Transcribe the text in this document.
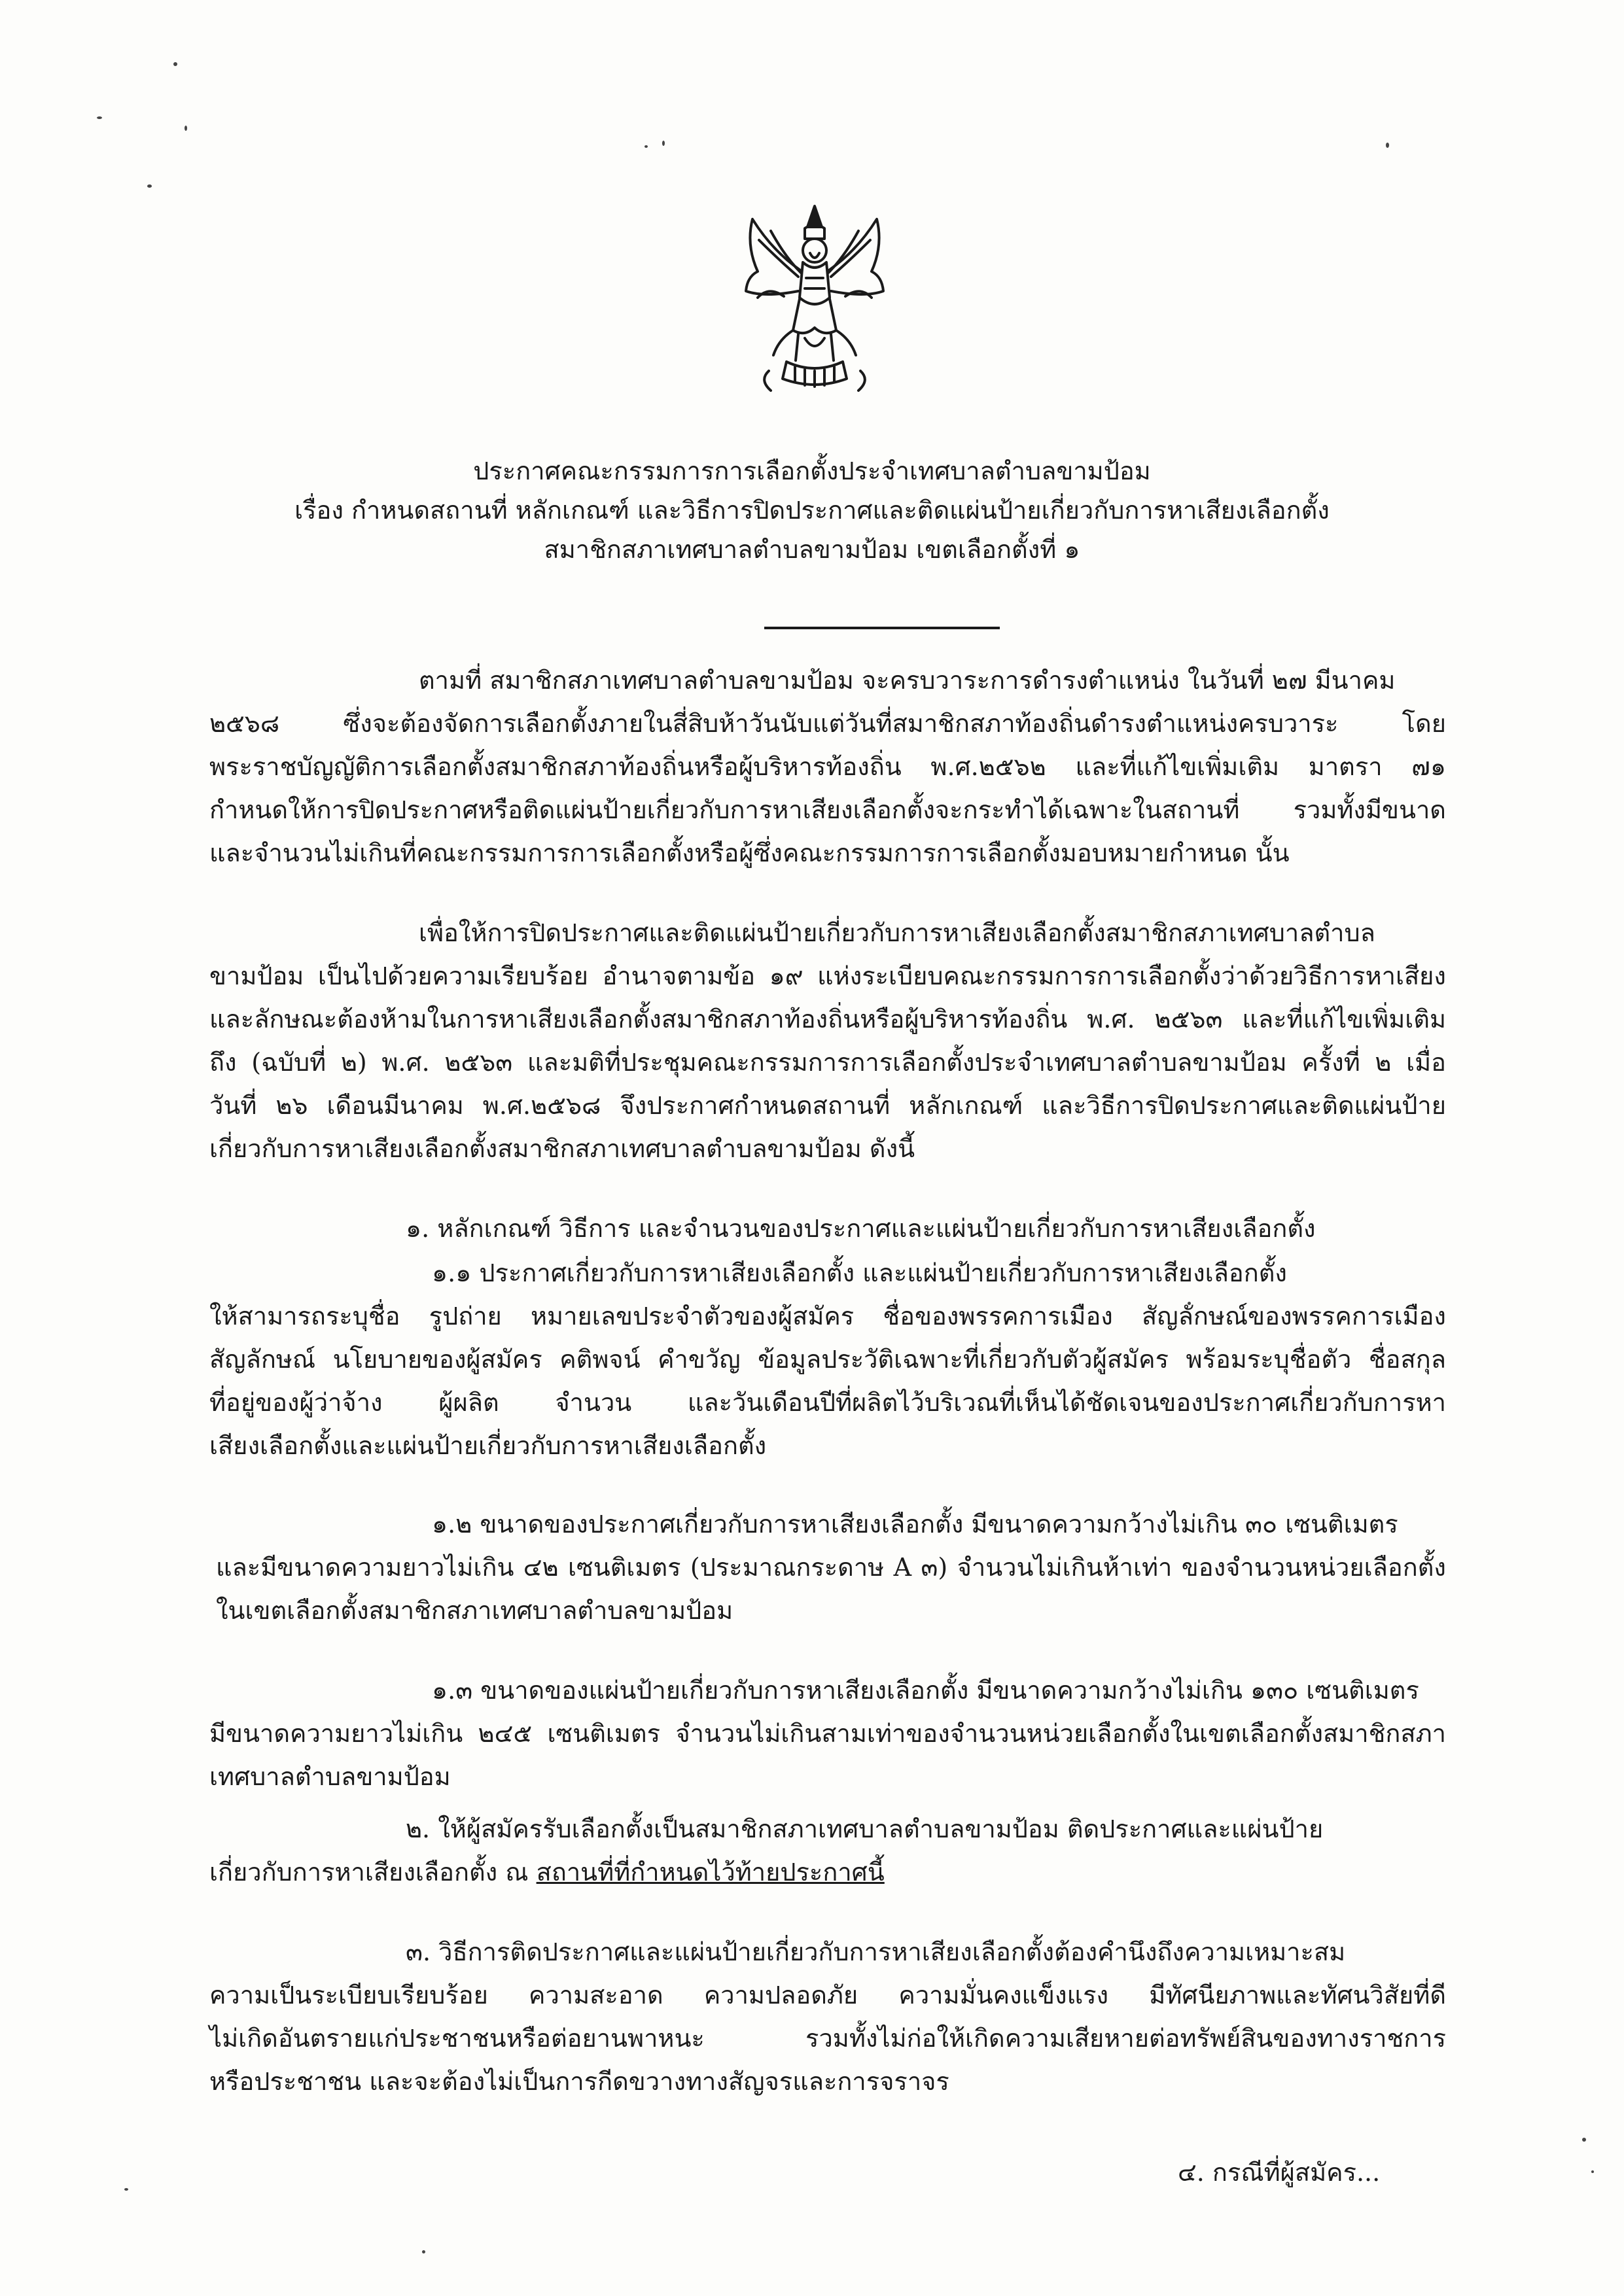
ประกาศคณะกรรมการการเลือกตั้งประจำเทศบาลตำบลขามป้อม

เรื่อง กำหนดสถานที่ หลักเกณฑ์ และวิธีการปิดประกาศและติดแผ่นป้ายเกี่ยวกับการหาเสียงเลือกตั้ง

สมาชิกสภาเทศบาลตำบลขามป้อม เขตเลือกตั้งที่ ๑

ตามที่ สมาชิกสภาเทศบาลตำบลขามป้อม จะครบวาระการดำรงตำแหน่ง ในวันที่ ๒๗ มีนาคม
๒๕๖๘ ซึ่งจะต้องจัดการเลือกตั้งภายในสี่สิบห้าวันนับแต่วันที่สมาชิกสภาท้องถิ่นดำรงตำแหน่งครบวาระ โดย
พระราชบัญญัติการเลือกตั้งสมาชิกสภาท้องถิ่นหรือผู้บริหารท้องถิ่น พ.ศ.๒๕๖๒ และที่แก้ไขเพิ่มเติม มาตรา ๗๑
กำหนดให้การปิดประกาศหรือติดแผ่นป้ายเกี่ยวกับการหาเสียงเลือกตั้งจะกระทำได้เฉพาะในสถานที่ รวมทั้งมีขนาด
และจำนวนไม่เกินที่คณะกรรมการการเลือกตั้งหรือผู้ซึ่งคณะกรรมการการเลือกตั้งมอบหมายกำหนด นั้น
เพื่อให้การปิดประกาศและติดแผ่นป้ายเกี่ยวกับการหาเสียงเลือกตั้งสมาชิกสภาเทศบาลตำบล
ขามป้อม เป็นไปด้วยความเรียบร้อย อำนาจตามข้อ ๑๙ แห่งระเบียบคณะกรรมการการเลือกตั้งว่าด้วยวิธีการหาเสียง
และลักษณะต้องห้ามในการหาเสียงเลือกตั้งสมาชิกสภาท้องถิ่นหรือผู้บริหารท้องถิ่น พ.ศ. ๒๕๖๓ และที่แก้ไขเพิ่มเติม
ถึง (ฉบับที่ ๒) พ.ศ. ๒๕๖๓ และมติที่ประชุมคณะกรรมการการเลือกตั้งประจำเทศบาลตำบลขามป้อม ครั้งที่ ๒ เมื่อ
วันที่ ๒๖ เดือนมีนาคม พ.ศ.๒๕๖๘ จึงประกาศกำหนดสถานที่ หลักเกณฑ์ และวิธีการปิดประกาศและติดแผ่นป้าย
เกี่ยวกับการหาเสียงเลือกตั้งสมาชิกสภาเทศบาลตำบลขามป้อม ดังนี้
๑. หลักเกณฑ์ วิธีการ และจำนวนของประกาศและแผ่นป้ายเกี่ยวกับการหาเสียงเลือกตั้ง
๑.๑ ประกาศเกี่ยวกับการหาเสียงเลือกตั้ง และแผ่นป้ายเกี่ยวกับการหาเสียงเลือกตั้ง
ให้สามารถระบุชื่อ รูปถ่าย หมายเลขประจำตัวของผู้สมัคร ชื่อของพรรคการเมือง สัญลักษณ์ของพรรคการเมือง
สัญลักษณ์ นโยบายของผู้สมัคร คติพจน์ คำขวัญ ข้อมูลประวัติเฉพาะที่เกี่ยวกับตัวผู้สมัคร พร้อมระบุชื่อตัว ชื่อสกุล
ที่อยู่ของผู้ว่าจ้าง ผู้ผลิต จำนวน และวันเดือนปีที่ผลิตไว้บริเวณที่เห็นได้ชัดเจนของประกาศเกี่ยวกับการหา
เสียงเลือกตั้งและแผ่นป้ายเกี่ยวกับการหาเสียงเลือกตั้ง
๑.๒ ขนาดของประกาศเกี่ยวกับการหาเสียงเลือกตั้ง มีขนาดความกว้างไม่เกิน ๓๐ เซนติเมตร
และมีขนาดความยาวไม่เกิน ๔๒ เซนติเมตร (ประมาณกระดาษ A ๓) จำนวนไม่เกินห้าเท่า ของจำนวนหน่วยเลือกตั้ง
ในเขตเลือกตั้งสมาชิกสภาเทศบาลตำบลขามป้อม
๑.๓ ขนาดของแผ่นป้ายเกี่ยวกับการหาเสียงเลือกตั้ง มีขนาดความกว้างไม่เกิน ๑๓๐ เซนติเมตร
มีขนาดความยาวไม่เกิน ๒๔๕ เซนติเมตร จำนวนไม่เกินสามเท่าของจำนวนหน่วยเลือกตั้งในเขตเลือกตั้งสมาชิกสภา
เทศบาลตำบลขามป้อม
๒. ให้ผู้สมัครรับเลือกตั้งเป็นสมาชิกสภาเทศบาลตำบลขามป้อม ติดประกาศและแผ่นป้าย
เกี่ยวกับการหาเสียงเลือกตั้ง ณ สถานที่ที่กำหนดไว้ท้ายประกาศนี้
๓. วิธีการติดประกาศและแผ่นป้ายเกี่ยวกับการหาเสียงเลือกตั้งต้องคำนึงถึงความเหมาะสม
ความเป็นระเบียบเรียบร้อย ความสะอาด ความปลอดภัย ความมั่นคงแข็งแรง มีทัศนียภาพและทัศนวิสัยที่ดี
ไม่เกิดอันตรายแก่ประชาชนหรือต่อยานพาหนะ รวมทั้งไม่ก่อให้เกิดความเสียหายต่อทรัพย์สินของทางราชการ
หรือประชาชน และจะต้องไม่เป็นการกีดขวางทางสัญจรและการจราจร
๔. กรณีที่ผู้สมัคร...
